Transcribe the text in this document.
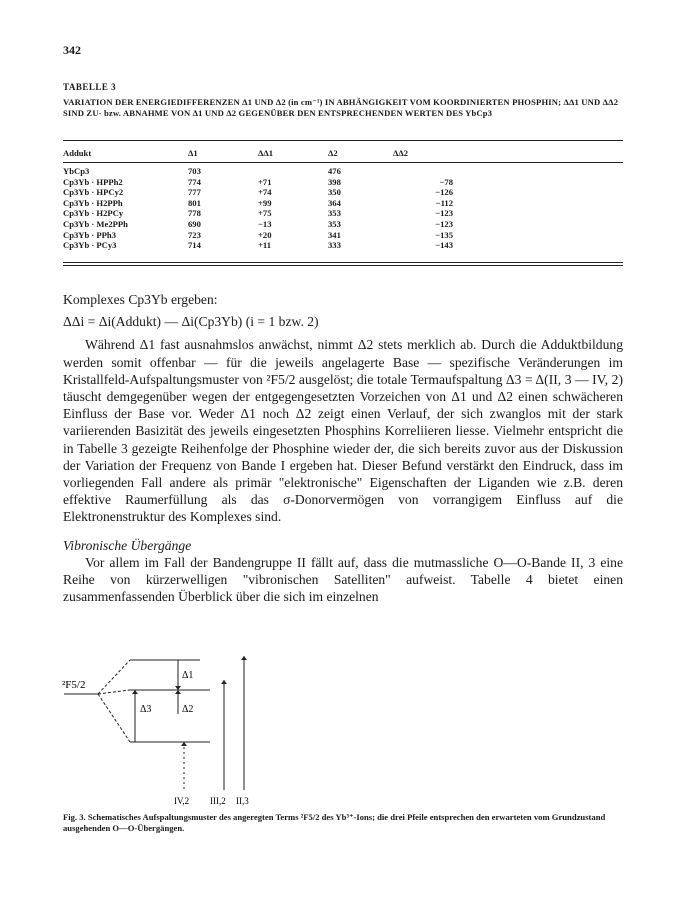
342
TABELLE 3
VARIATION DER ENERGIEDIFFERENZEN Δ1 UND Δ2 (in cm⁻¹) IN ABHÄNGIGKEIT VOM KOORDINIERTEN PHOSPHIN; ΔΔ1 UND ΔΔ2 SIND ZU- bzw. ABNAHME VON Δ1 UND Δ2 GEGENÜBER DEN ENTSPRECHENDEN WERTEN DES YbCp3
Addukt	Δ1	ΔΔ1	Δ2	ΔΔ2	
YbCp3	703		476		
Cp3Yb · HPPh2	774	+71	398	−78	
Cp3Yb · HPCy2	777	+74	350	−126	
Cp3Yb · H2PPh	801	+99	364	−112	
Cp3Yb · H2PCy	778	+75	353	−123	
Cp3Yb · Me2PPh	690	−13	353	−123	
Cp3Yb · PPh3	723	+20	341	−135	
Cp3Yb · PCy3	714	+11	333	−143	

Komplexes Cp3Yb ergeben:

ΔΔi = Δi(Addukt) — Δi(Cp3Yb) (i = 1 bzw. 2)

Während Δ1 fast ausnahmslos anwächst, nimmt Δ2 stets merklich ab. Durch die Adduktbildung werden somit offenbar — für die jeweils angelagerte Base — spezifische Veränderungen im Kristallfeld-Aufspaltungsmuster von ²F5/2 ausgelöst; die totale Termaufspaltung Δ3 = Δ(II, 3 — IV, 2) täuscht demgegenüber wegen der entgegengesetzten Vorzeichen von Δ1 und Δ2 einen schwächeren Einfluss der Base vor. Weder Δ1 noch Δ2 zeigt einen Verlauf, der sich zwanglos mit der stark variierenden Basizität des jeweils eingesetzten Phosphins Korreliieren liesse. Vielmehr entspricht die in Tabelle 3 gezeigte Reihenfolge der Phosphine wieder der, die sich bereits zuvor aus der Diskussion der Variation der Frequenz von Bande I ergeben hat. Dieser Befund verstärkt den Eindruck, dass im vorliegenden Fall andere als primär "elektronische" Eigenschaften der Liganden wie z.B. deren effektive Raumerfüllung als das σ-Donorvermögen von vorrangigem Einfluss auf die Elektronenstruktur des Komplexes sind.

Vibronische Übergänge

Vor allem im Fall der Bandengruppe II fällt auf, dass die mutmassliche O—O-Bande II, 3 eine Reihe von kürzerwelligen "vibronischen Satelliten" aufweist. Tabelle 4 bietet einen zusammenfassenden Überblick über die sich im einzelnen

²F5/2
Δ1
Δ2
Δ3
IV,2 III,2 II,3
Fig. 3. Schematisches Aufspaltungsmuster des angeregten Terms ²F5/2 des Yb³⁺-Ions; die drei Pfeile entsprechen den erwarteten vom Grundzustand ausgehenden O—O-Übergängen.
